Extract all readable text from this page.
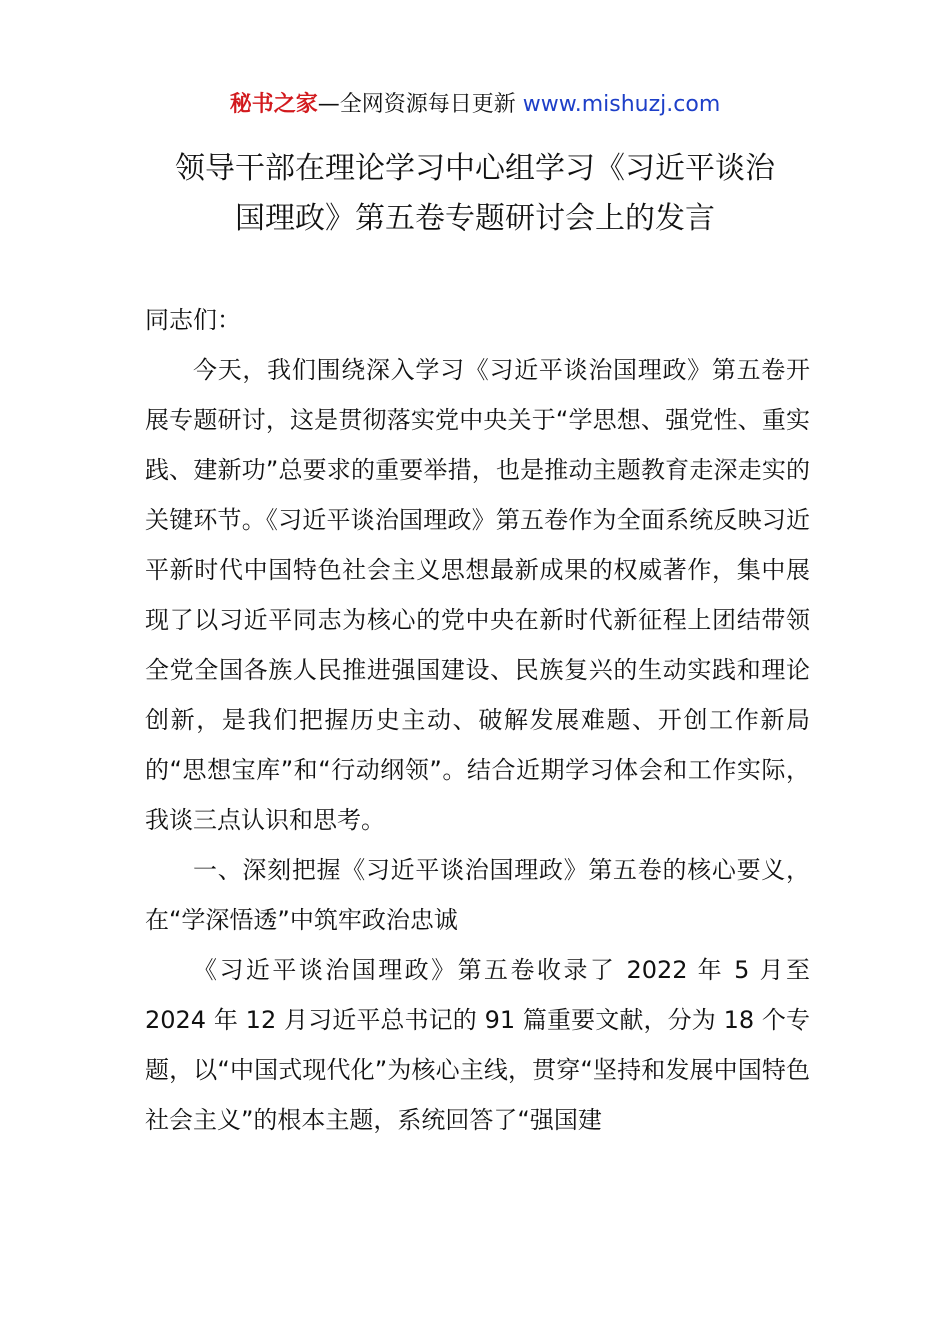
秘书之家—全网资源每日更新 www.mishuzj.com
领导干部在理论学习中心组学习《习近平谈治
国理政》第五卷专题研讨会上的发言

同志们：

今天，我们围绕深入学习《习近平谈治国理政》第五卷开展专题研讨，这是贯彻落实党中央关于“学思想、强党性、重实践、建新功”总要求的重要举措，也是推动主题教育走深走实的关键环节。《习近平谈治国理政》第五卷作为全面系统反映习近平新时代中国特色社会主义思想最新成果的权威著作，集中展现了以习近平同志为核心的党中央在新时代新征程上团结带领全党全国各族人民推进强国建设、民族复兴的生动实践和理论创新，是我们把握历史主动、破解发展难题、开创工作新局的“思想宝库”和“行动纲领”。结合近期学习体会和工作实际，我谈三点认识和思考。

一、深刻把握《习近平谈治国理政》第五卷的核心要义，在“学深悟透”中筑牢政治忠诚

《习近平谈治国理政》第五卷收录了 2022 年 5 月至 2024 年 12 月习近平总书记的 91 篇重要文献，分为 18 个专题，以“中国式现代化”为核心主线，贯穿“坚持和发展中国特色社会主义”的根本主题，系统回答了“强国建
